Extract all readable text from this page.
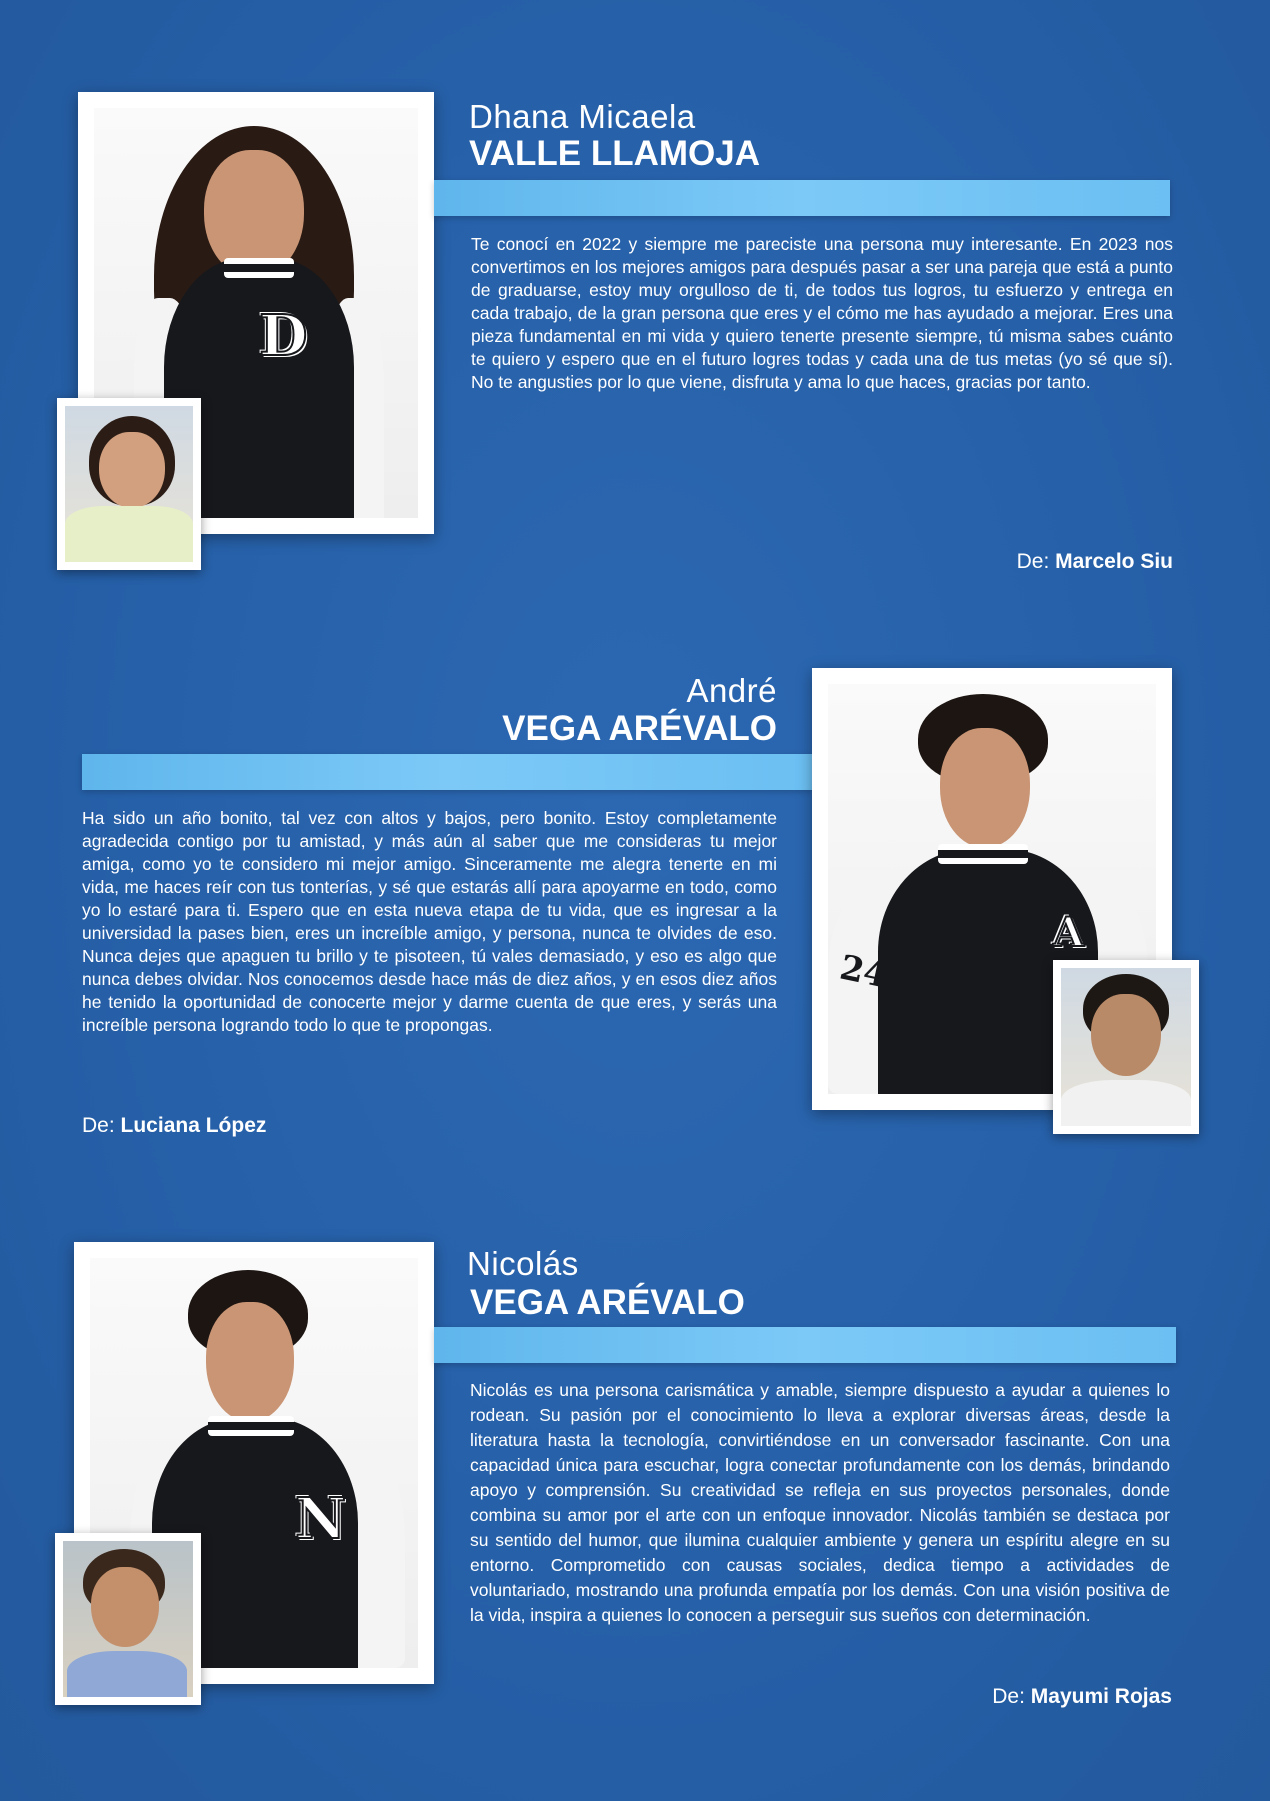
D
Dhana Micaela
VALLE LLAMOJA

Te conocí en 2022 y siempre me pareciste una persona muy interesante. En 2023 nos convertimos en los mejores amigos para después pasar a ser una pareja que está a punto de graduarse, estoy muy orgulloso de ti, de todos tus logros, tu esfuerzo y entrega en cada trabajo, de la gran persona que eres y el cómo me has ayudado a mejorar. Eres una pieza fundamental en mi vida y quiero tenerte presente siempre, tú misma sabes cuánto te quiero y espero que en el futuro logres todas y cada una de tus metas (yo sé que sí). No te angusties por lo que viene, disfruta y ama lo que haces, gracias por tanto.

De: Marcelo Siu
André
VEGA ARÉVALO

Ha sido un año bonito, tal vez con altos y bajos, pero bonito. Estoy completamente agradecida contigo por tu amistad, y más aún al saber que me consideras tu mejor amiga, como yo te considero mi mejor amigo. Sinceramente me alegra tenerte en mi vida, me haces reír con tus tonterías, y sé que estarás allí para apoyarme en todo, como yo lo estaré para ti. Espero que en esta nueva etapa de tu vida, que es ingresar a la universidad la pases bien, eres un increíble amigo, y persona, nunca te olvides de eso. Nunca dejes que apaguen tu brillo y te pisoteen, tú vales demasiado, y eso es algo que nunca debes olvidar. Nos conocemos desde hace más de diez años, y en esos diez años he tenido la oportunidad de conocerte mejor y darme cuenta de que eres, y serás una increíble persona logrando todo lo que te propongas.

De: Luciana López
A
24
N
Nicolás
VEGA ARÉVALO

Nicolás es una persona carismática y amable, siempre dispuesto a ayudar a quienes lo rodean. Su pasión por el conocimiento lo lleva a explorar diversas áreas, desde la literatura hasta la tecnología, convirtiéndose en un conversador fascinante. Con una capacidad única para escuchar, logra conectar profundamente con los demás, brindando apoyo y comprensión. Su creatividad se refleja en sus proyectos personales, donde combina su amor por el arte con un enfoque innovador. Nicolás también se destaca por su sentido del humor, que ilumina cualquier ambiente y genera un espíritu alegre en su entorno. Comprometido con causas sociales, dedica tiempo a actividades de voluntariado, mostrando una profunda empatía por los demás. Con una visión positiva de la vida, inspira a quienes lo conocen a perseguir sus sueños con determinación.

De: Mayumi Rojas
